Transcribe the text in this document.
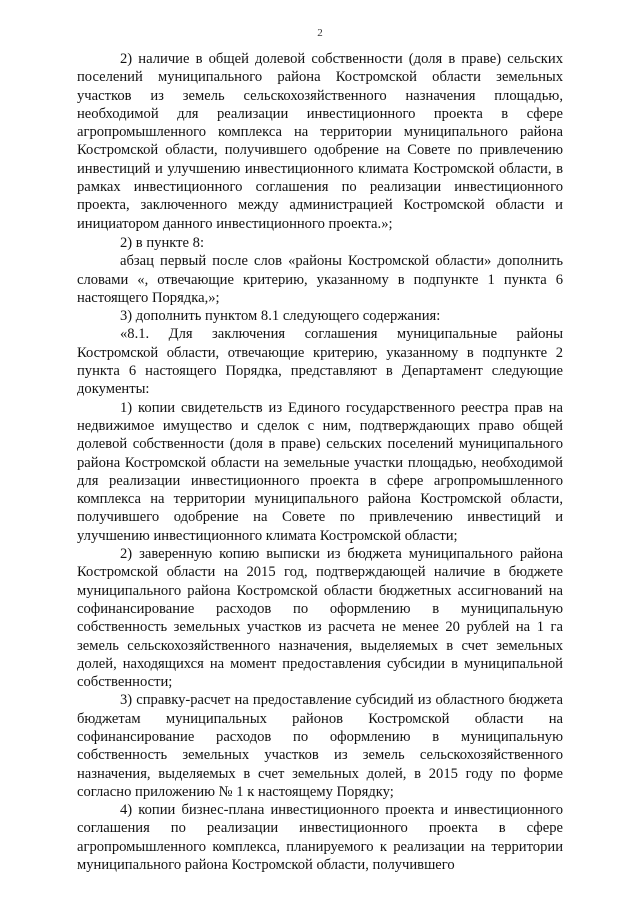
2

2) наличие в общей долевой собственности (доля в праве) сельских поселений муниципального района Костромской области земельных участков из земель сельскохозяйственного назначения площадью, необходимой для реализации инвестиционного проекта в сфере агропромышленного комплекса на территории муниципального района Костромской области, получившего одобрение на Совете по привлечению инвестиций и улучшению инвестиционного климата Костромской области, в рамках инвестиционного соглашения по реализации инвестиционного проекта, заключенного между администрацией Костромской области и инициатором данного инвестиционного проекта.»;

2) в пункте 8:

абзац первый после слов «районы Костромской области» дополнить словами «, отвечающие критерию, указанному в подпункте 1 пункта 6 настоящего Порядка,»;

3) дополнить пунктом 8.1 следующего содержания:

«8.1. Для заключения соглашения муниципальные районы Костромской области, отвечающие критерию, указанному в подпункте 2 пункта 6 настоящего Порядка, представляют в Департамент следующие документы:

1) копии свидетельств из Единого государственного реестра прав на недвижимое имущество и сделок с ним, подтверждающих право общей долевой собственности (доля в праве) сельских поселений муниципального района Костромской области на земельные участки площадью, необходимой для реализации инвестиционного проекта в сфере агропромышленного комплекса на территории муниципального района Костромской области, получившего одобрение на Совете по привлечению инвестиций и улучшению инвестиционного климата Костромской области;

2) заверенную копию выписки из бюджета муниципального района Костромской области на 2015 год, подтверждающей наличие в бюджете муниципального района Костромской области бюджетных ассигнований на софинансирование расходов по оформлению в муниципальную собственность земельных участков из расчета не менее 20 рублей на 1 га земель сельскохозяйственного назначения, выделяемых в счет земельных долей, находящихся на момент предоставления субсидии в муниципальной собственности;

3) справку-расчет на предоставление субсидий из областного бюджета бюджетам муниципальных районов Костромской области на софинансирование расходов по оформлению в муниципальную собственность земельных участков из земель сельскохозяйственного назначения, выделяемых в счет земельных долей, в 2015 году по форме согласно приложению № 1 к настоящему Порядку;

4) копии бизнес-плана инвестиционного проекта и инвестиционного соглашения по реализации инвестиционного проекта в сфере агропромышленного комплекса, планируемого к реализации на территории муниципального района Костромской области, получившего
